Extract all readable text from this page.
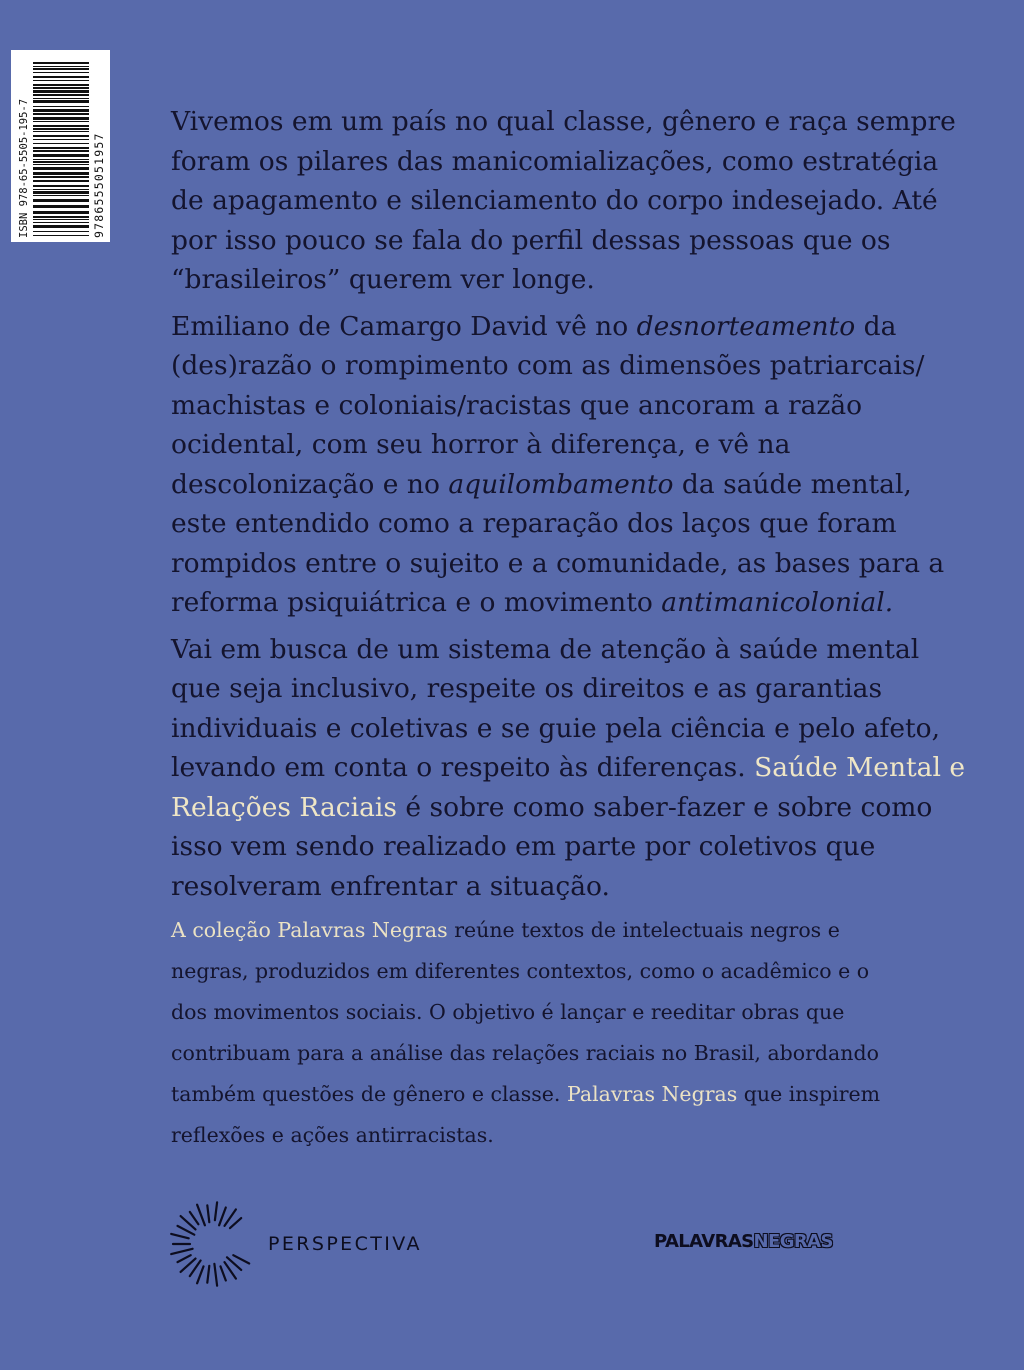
ISBN 978-65-5505-195-7	9786555051957

Vivemos em um país no qual classe, gênero e raça sempre foram os pilares das manicomializações, como estratégia de apagamento e silenciamento do corpo indesejado. Até por isso pouco se fala do perfil dessas pessoas que os “brasileiros” querem ver longe.

Emiliano de Camargo David vê no desnorteamento da (des)razão o rompimento com as dimensões patriarcais/ machistas e coloniais/racistas que ancoram a razão ocidental, com seu horror à diferença, e vê na descolonização e no aquilombamento da saúde mental, este entendido como a reparação dos laços que foram rompidos entre o sujeito e a comunidade, as bases para a reforma psiquiátrica e o movimento antimanicolonial.

Vai em busca de um sistema de atenção à saúde mental que seja inclusivo, respeite os direitos e as garantias individuais e coletivas e se guie pela ciência e pelo afeto, levando em conta o respeito às diferenças. Saúde Mental e Relações Raciais é sobre como saber-fazer e sobre como isso vem sendo realizado em parte por coletivos que resolveram enfrentar a situação.

A coleção Palavras Negras reúne textos de intelectuais negros e negras, produzidos em diferentes contextos, como o acadêmico e o dos movimentos sociais. O objetivo é lançar e reeditar obras que contribuam para a análise das relações raciais no Brasil, abordando também questões de gênero e classe. Palavras Negras que inspirem reflexões e ações antirracistas.

PERSPECTIVA	PALAVRASNEGRAS
